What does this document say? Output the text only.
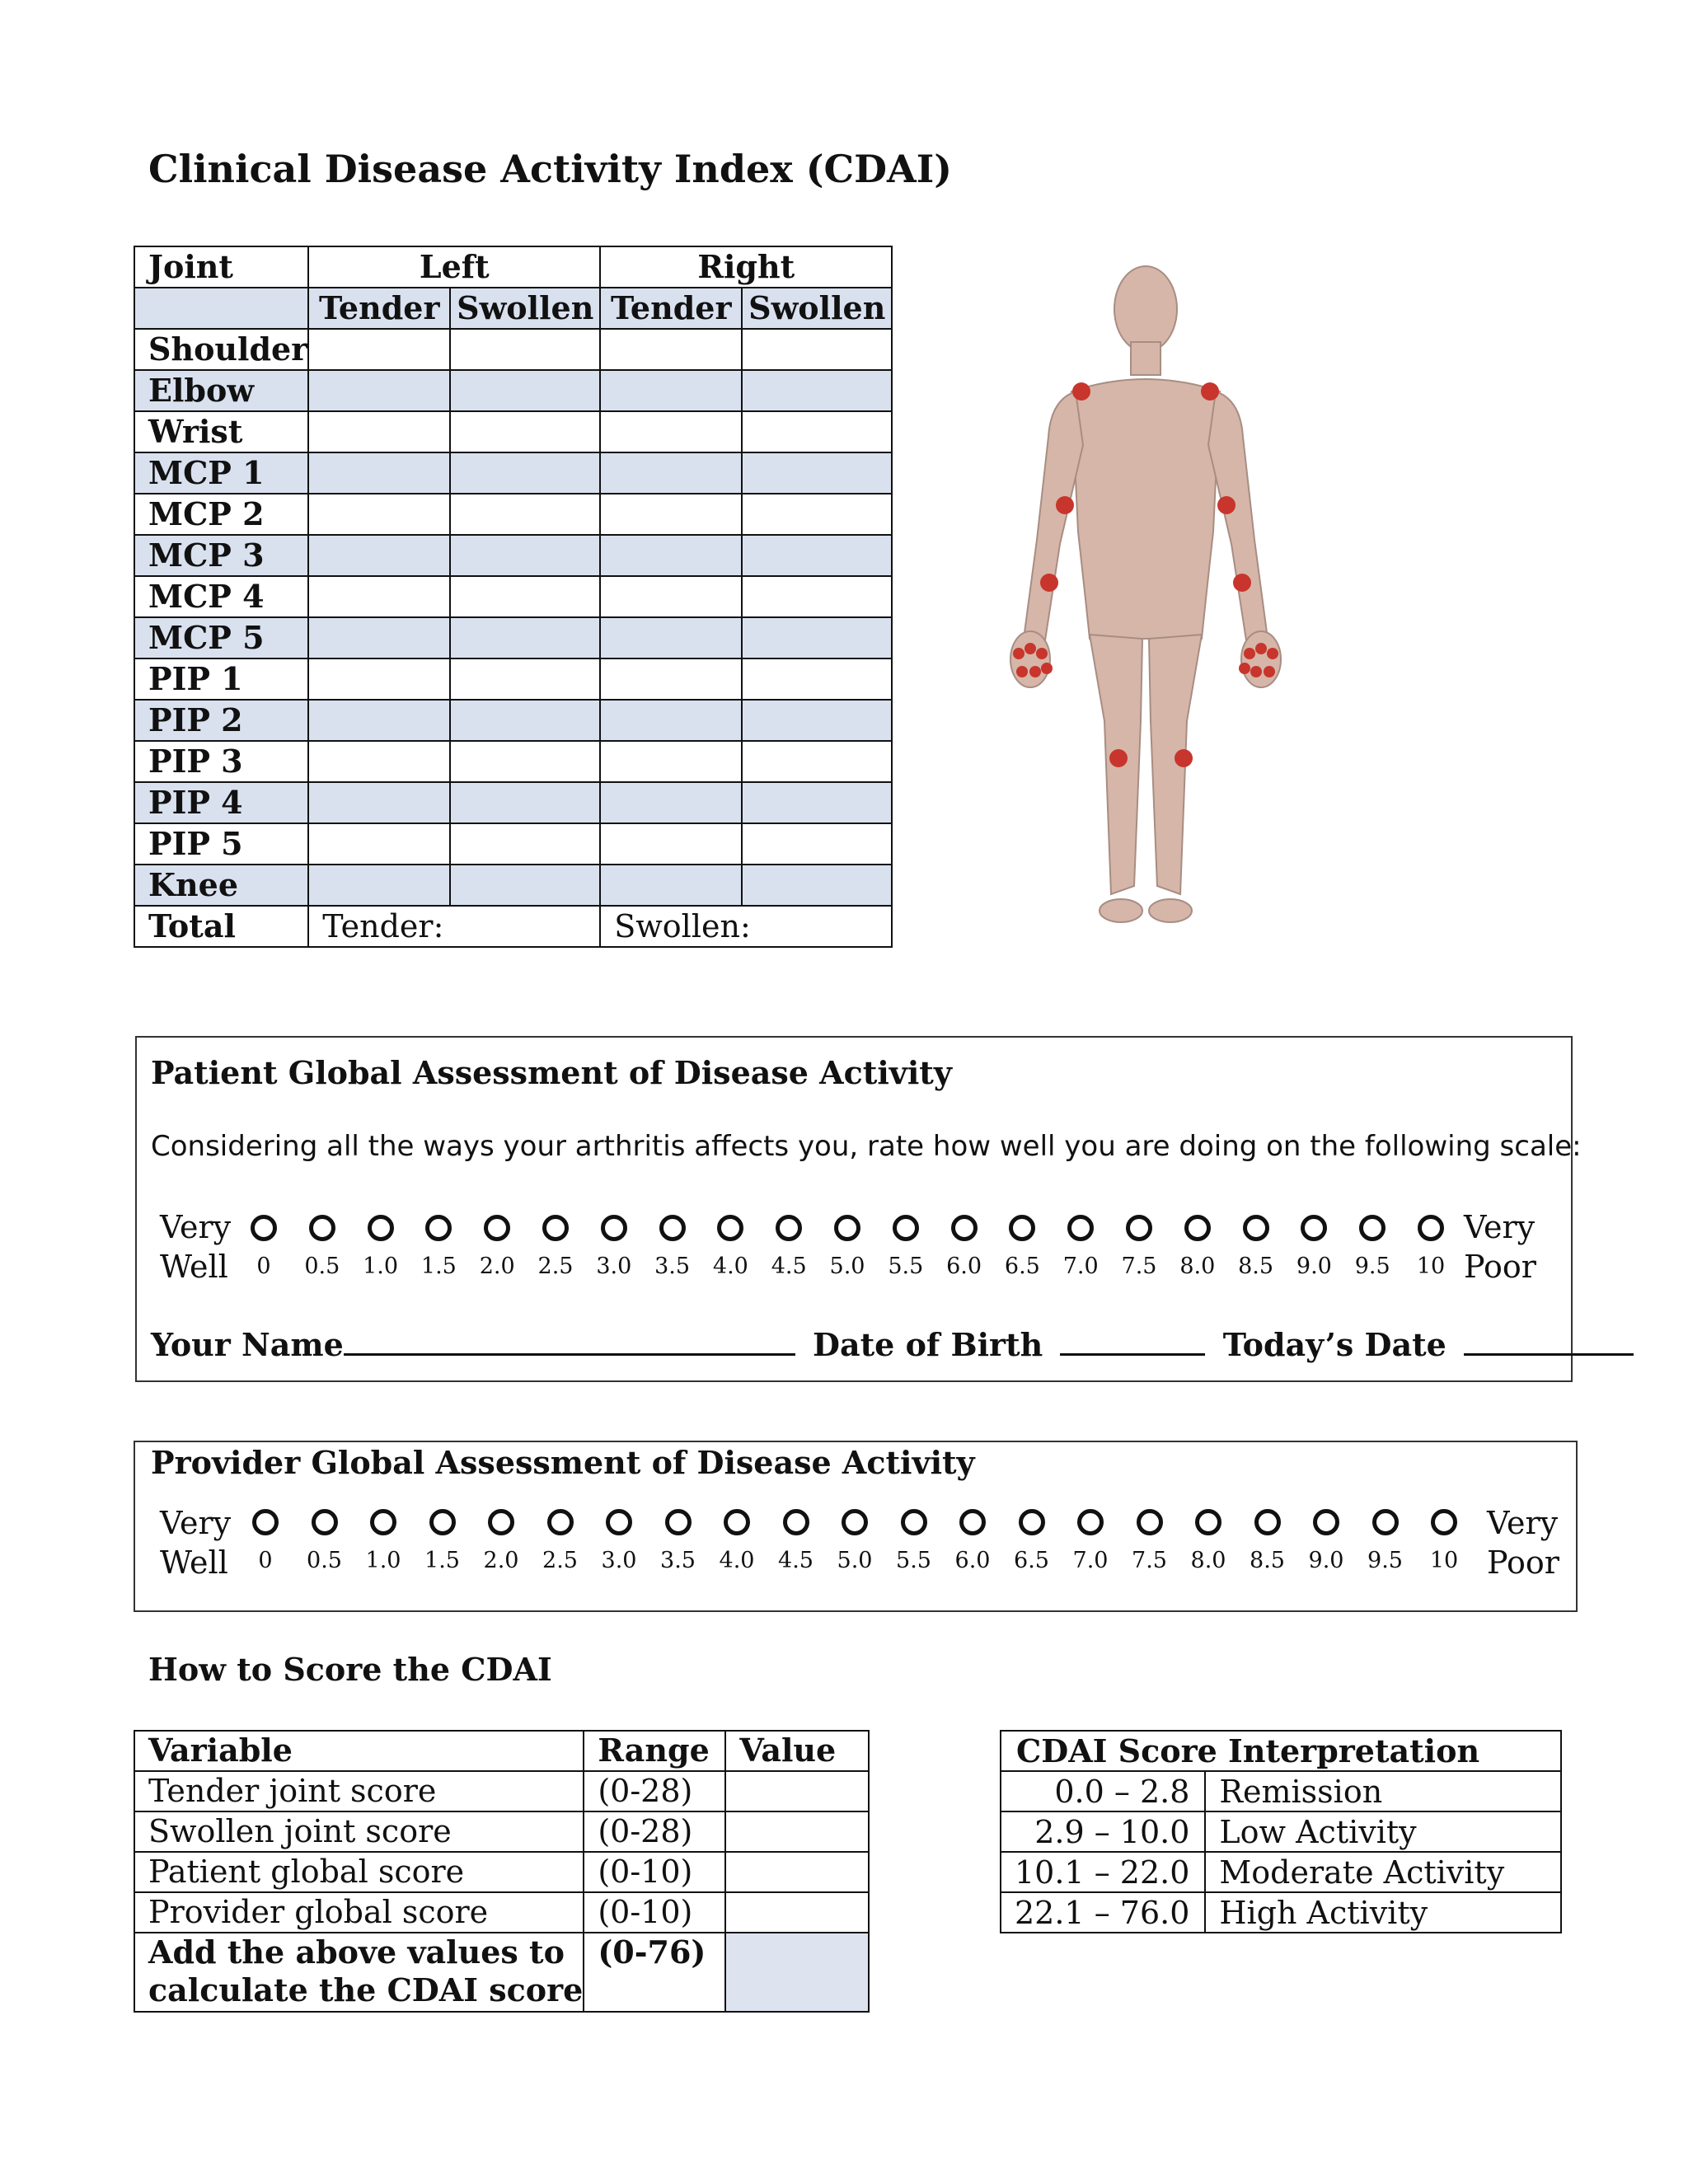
Clinical Disease Activity Index (CDAI)
Joint	Left		Right	
	Tender	Swollen	Tender	Swollen
Shoulder				
Elbow				
Wrist				
MCP 1				
MCP 2				
MCP 3				
MCP 4				
MCP 5				
PIP 1				
PIP 2				
PIP 3				
PIP 4				
PIP 5				
Knee				
Total	Tender:		Swollen:	
Patient Global Assessment of Disease Activity
Considering all the ways your arthritis affects you, rate how well you are doing on the following scale:
Very
Well
Very
Poor
0	0.5	1.0	1.5	2.0	2.5	3.0	3.5	4.0	4.5	5.0	5.5	6.0	6.5	7.0	7.5	8.0	8.5	9.0	9.5	10
Your Name	Date of Birth	Today’s Date
Provider Global Assessment of Disease Activity
Very
Well
Very
Poor
0	0.5	1.0	1.5	2.0	2.5	3.0	3.5	4.0	4.5	5.0	5.5	6.0	6.5	7.0	7.5	8.0	8.5	9.0	9.5	10
How to Score the CDAI
Variable	Range	Value
Tender joint score	(0-28)	
Swollen joint score	(0-28)	
Patient global score	(0-10)	
Provider global score	(0-10)	

Add the above values to
calculate the CDAI score	(0-76)	
CDAI Score Interpretation	
0.0 – 2.8	Remission
2.9 – 10.0	Low Activity
10.1 – 22.0	Moderate Activity
22.1 – 76.0	High Activity
